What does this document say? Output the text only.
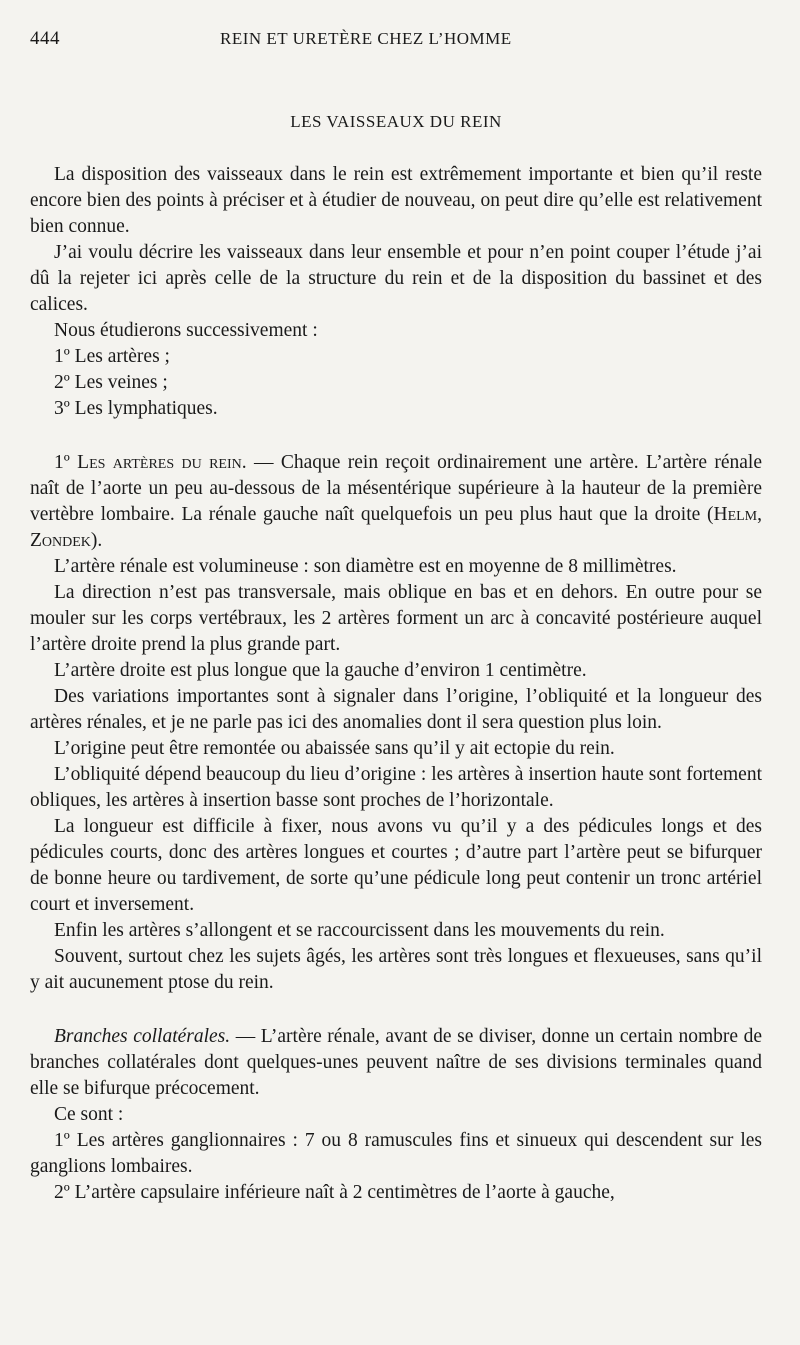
444	REIN ET URETÈRE CHEZ L’HOMME
LES VAISSEAUX DU REIN

La disposition des vaisseaux dans le rein est extrêmement importante et bien qu’il reste encore bien des points à préciser et à étudier de nouveau, on peut dire qu’elle est relativement bien connue.

J’ai voulu décrire les vaisseaux dans leur ensemble et pour n’en point couper l’étude j’ai dû la rejeter ici après celle de la structure du rein et de la disposition du bassinet et des calices.

Nous étudierons successivement :

1º Les artères ;

2º Les veines ;

3º Les lymphatiques.

1º Les artères du rein. — Chaque rein reçoit ordinairement une artère. L’artère rénale naît de l’aorte un peu au-dessous de la mésentérique supérieure à la hauteur de la première vertèbre lombaire. La rénale gauche naît quelquefois un peu plus haut que la droite (Helm, Zondek).

L’artère rénale est volumineuse : son diamètre est en moyenne de 8 millimètres.

La direction n’est pas transversale, mais oblique en bas et en dehors. En outre pour se mouler sur les corps vertébraux, les 2 artères forment un arc à concavité postérieure auquel l’artère droite prend la plus grande part.

L’artère droite est plus longue que la gauche d’environ 1 centimètre.

Des variations importantes sont à signaler dans l’origine, l’obliquité et la longueur des artères rénales, et je ne parle pas ici des anomalies dont il sera question plus loin.

L’origine peut être remontée ou abaissée sans qu’il y ait ectopie du rein.

L’obliquité dépend beaucoup du lieu d’origine : les artères à insertion haute sont fortement obliques, les artères à insertion basse sont proches de l’horizontale.

La longueur est difficile à fixer, nous avons vu qu’il y a des pédicules longs et des pédicules courts, donc des artères longues et courtes ; d’autre part l’artère peut se bifurquer de bonne heure ou tardivement, de sorte qu’une pédicule long peut contenir un tronc artériel court et inversement.

Enfin les artères s’allongent et se raccourcissent dans les mouvements du rein.

Souvent, surtout chez les sujets âgés, les artères sont très longues et flexueuses, sans qu’il y ait aucunement ptose du rein.

Branches collatérales. — L’artère rénale, avant de se diviser, donne un certain nombre de branches collatérales dont quelques-unes peuvent naître de ses divisions terminales quand elle se bifurque précocement.

Ce sont :

1º Les artères ganglionnaires : 7 ou 8 ramuscules fins et sinueux qui descendent sur les ganglions lombaires.

2º L’artère capsulaire inférieure naît à 2 centimètres de l’aorte à gauche,
